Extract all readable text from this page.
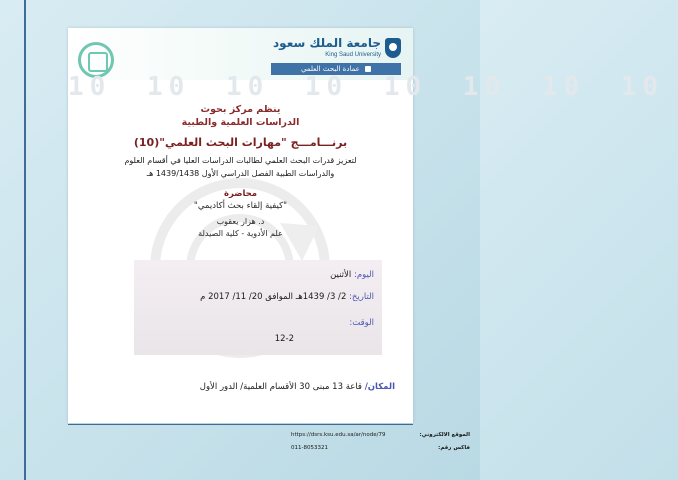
جامعة الملك سعود
King Saud University
عمادة البحث العلمي
10 10 10 10 10 10 10 10
ينظم مركز بحوث
الدراسات العلمية والطبية
برنـــامـــج "مهارات البحث العلمي"(10)
لتعزيز قدرات البحث العلمي لطالبات الدراسات العليا في أقسام العلوم
والدراسات الطبية الفصل الدراسي الأول 1439/1438 هـ
محاضرة
"كيفية إلقاء بحث أكاديمي"
د. هزار يعقوب
علم الأدوية - كلية الصيدلة
اليوم: الأثنين
التاريخ: 2/ 3/ 1439هـ الموافق 20/ 11/ 2017 م
الوقت:
12-2
المكان/ قاعة 13 مبنى 30 الأقسام العلمية/ الدور الأول
الموقع الالكتروني:
https://dsrs.ksu.edu.sa/ar/node/79
فاكس رقم:
011-8053321
